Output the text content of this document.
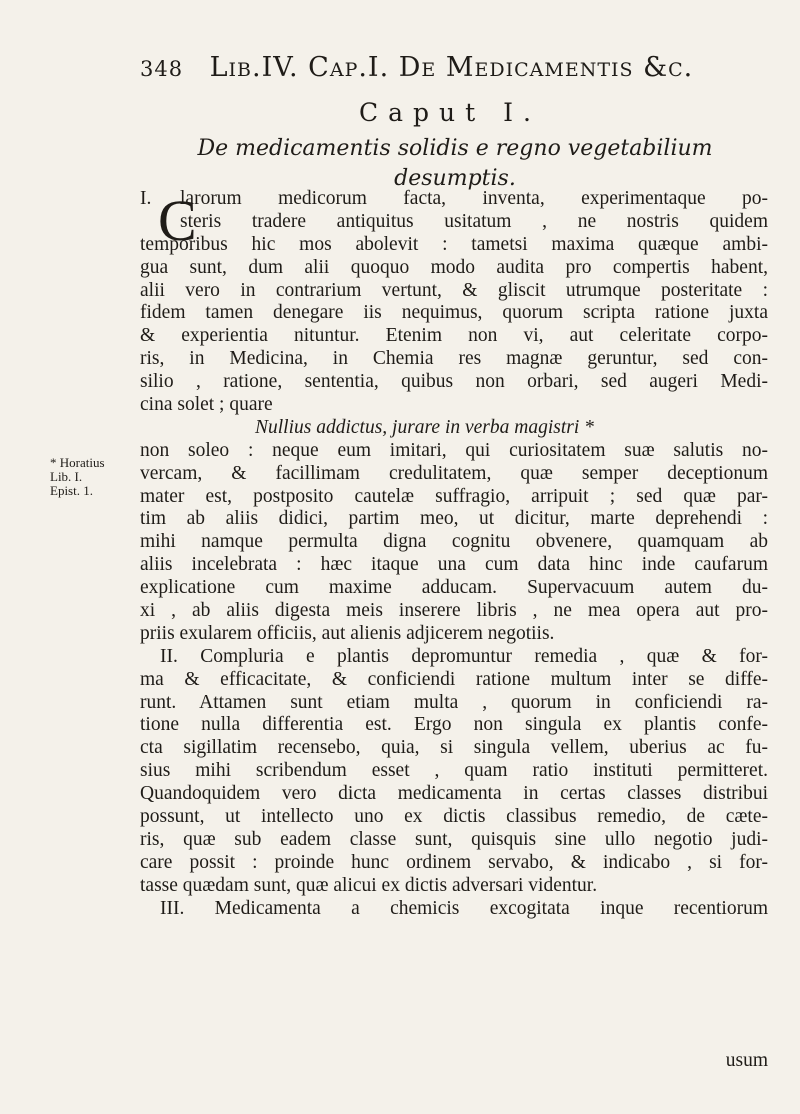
348 Lib.IV. Cap.I. De Medicamentis &c.
Caput I.
De medicamentis solidis e regno vegetabilium
desumptis.
* Horatius
Lib. I.
Epist. 1.
I. C
larorum medicorum facta, inventa, experimentaque po-
steris tradere antiquitus usitatum , ne nostris quidem
temporibus hic mos abolevit : tametsi maxima quæque ambi-
gua sunt, dum alii quoquo modo audita pro compertis habent,
alii vero in contrarium vertunt, & gliscit utrumque posteritate :
fidem tamen denegare iis nequimus, quorum scripta ratione juxta
& experientia nituntur. Etenim non vi, aut celeritate corpo-
ris, in Medicina, in Chemia res magnæ geruntur, sed con-
silio , ratione, sententia, quibus non orbari, sed augeri Medi-
cina solet ; quare
Nullius addictus, jurare in verba magistri *
non soleo : neque eum imitari, qui curiositatem suæ salutis no-
vercam, & facillimam credulitatem, quæ semper deceptionum
mater est, postposito cautelæ suffragio, arripuit ; sed quæ par-
tim ab aliis didici, partim meo, ut dicitur, marte deprehendi :
mihi namque permulta digna cognitu obvenere, quamquam ab
aliis incelebrata : hæc itaque una cum data hinc inde caufarum
explicatione cum maxime adducam. Supervacuum autem du-
xi , ab aliis digesta meis inserere libris , ne mea opera aut pro-
priis exularem officiis, aut alienis adjicerem negotiis.
II. Compluria e plantis depromuntur remedia , quæ & for-
ma & efficacitate, & conficiendi ratione multum inter se diffe-
runt. Attamen sunt etiam multa , quorum in conficiendi ra-
tione nulla differentia est. Ergo non singula ex plantis confe-
cta sigillatim recensebo, quia, si singula vellem, uberius ac fu-
sius mihi scribendum esset , quam ratio instituti permitteret.
Quandoquidem vero dicta medicamenta in certas classes distribui
possunt, ut intellecto uno ex dictis classibus remedio, de cæte-
ris, quæ sub eadem classe sunt, quisquis sine ullo negotio judi-
care possit : proinde hunc ordinem servabo, & indicabo , si for-
tasse quædam sunt, quæ alicui ex dictis adversari videntur.
III. Medicamenta a chemicis excogitata inque recentiorum
usum
